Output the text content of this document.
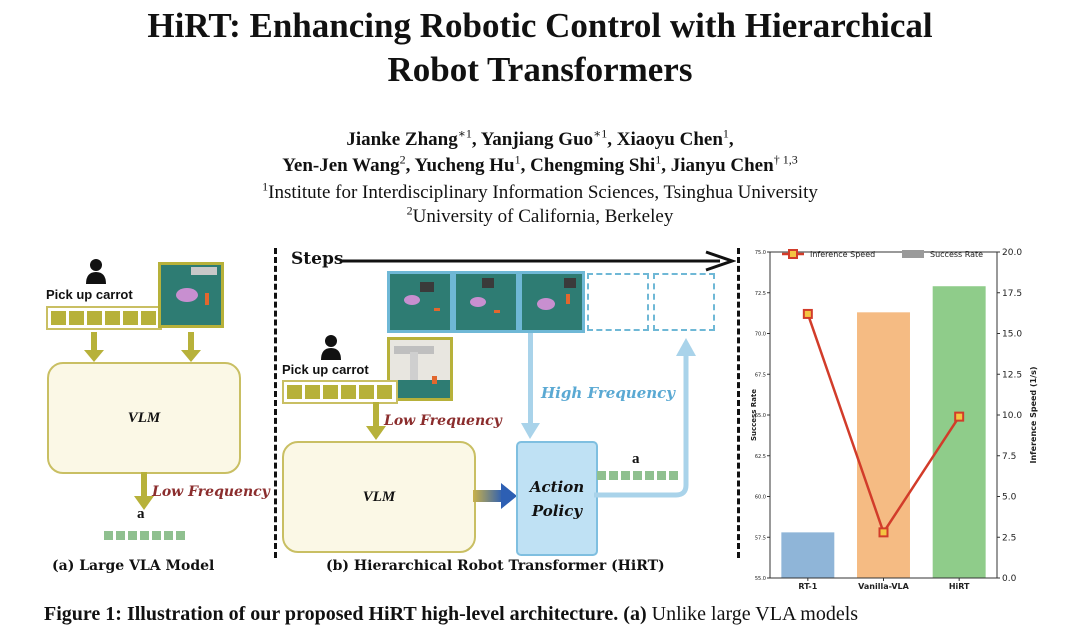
HiRT: Enhancing Robotic Control with Hierarchical
Robot Transformers
Jianke Zhang$^{∗1}$, Yanjiang Guo$^{∗1}$, Xiaoyu Chen$^1$,
Yen-Jen Wang$^2$, Yucheng Hu$^1$, Chengming Shi$^1$, Jianyu Chen$^{\dagger 1,3}$
$^1$Institute for Interdisciplinary Information Sciences, Tsinghua University
$^2$University of California, Berkeley
Pick up carrot
VLM
Low Frequency
a⃗
(a) Large VLA Model
Steps
Pick up carrot
Low Frequency
VLM
High Frequency
Action
Policy
a⃗
(b) Hierarchical Robot Transformer (HiRT)
55.0
57.5
60.0
62.5
65.0
67.5
70.0
72.5
75.0
0.0
2.5
5.0
7.5
10.0
12.5
15.0
17.5
20.0
RT-1	Vanilla-VLA	HiRT
Success Rate	Inference Speed (1/s)
Inference Speed	Success Rate
Figure 1: Illustration of our proposed HiRT high-level architecture. (a) Unlike large VLA models
